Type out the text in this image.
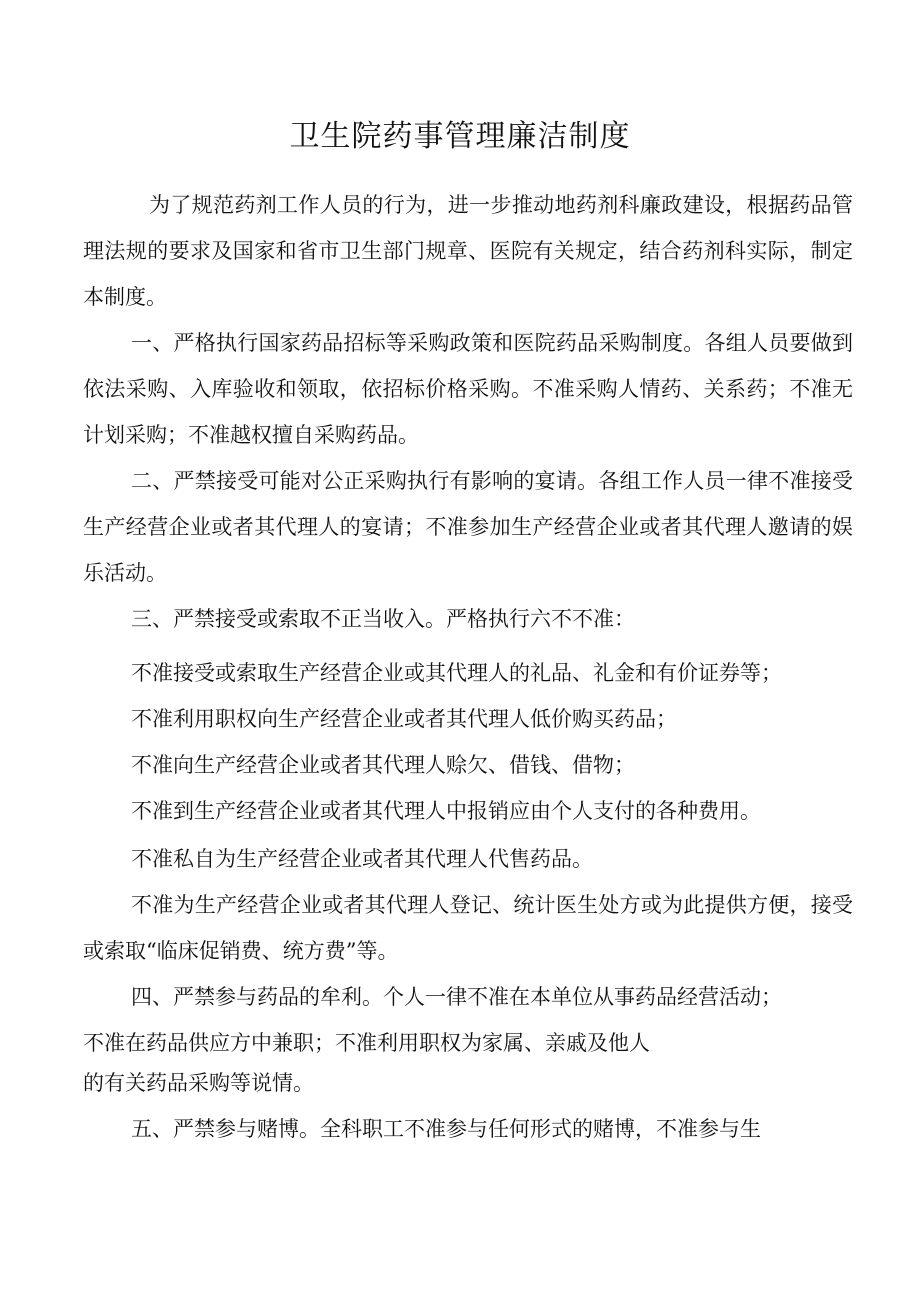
卫生院药事管理廉洁制度

为了规范药剂工作人员的行为，进一步推动地药剂科廉政建设，根据药品管理法规的要求及国家和省市卫生部门规章、医院有关规定，结合药剂科实际，制定本制度。

一、严格执行国家药品招标等采购政策和医院药品采购制度。各组人员要做到依法采购、入库验收和领取，依招标价格采购。不准采购人情药、关系药；不准无计划采购；不准越权擅自采购药品。

二、严禁接受可能对公正采购执行有影响的宴请。各组工作人员一律不准接受生产经营企业或者其代理人的宴请；不准参加生产经营企业或者其代理人邀请的娱乐活动。

三、严禁接受或索取不正当收入。严格执行六不不准：

不准接受或索取生产经营企业或其代理人的礼品、礼金和有价证券等；

不准利用职权向生产经营企业或者其代理人低价购买药品；

不准向生产经营企业或者其代理人赊欠、借钱、借物；

不准到生产经营企业或者其代理人中报销应由个人支付的各种费用。

不准私自为生产经营企业或者其代理人代售药品。

不准为生产经营企业或者其代理人登记、统计医生处方或为此提供方便，接受或索取“临床促销费、统方费”等。

四、严禁参与药品的牟利。个人一律不准在本单位从事药品经营活动；

不准在药品供应方中兼职；不准利用职权为家属、亲戚及他人

的有关药品采购等说情。

五、严禁参与赌博。全科职工不准参与任何形式的赌博，不准参与生
